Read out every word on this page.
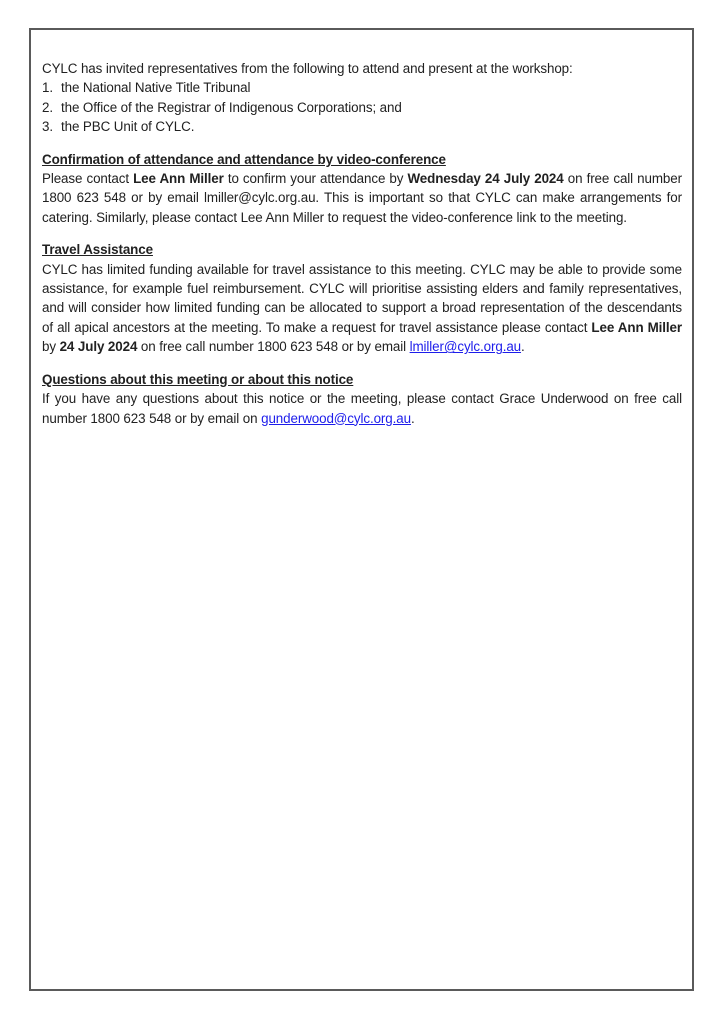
CYLC has invited representatives from the following to attend and present at the workshop:

1. the National Native Title Tribunal
2. the Office of the Registrar of Indigenous Corporations; and
3. the PBC Unit of CYLC.

Confirmation of attendance and attendance by video-conference

Please contact Lee Ann Miller to confirm your attendance by Wednesday 24 July 2024 on free call number 1800 623 548 or by email lmiller@cylc.org.au. This is important so that CYLC can make arrangements for catering. Similarly, please contact Lee Ann Miller to request the video-conference link to the meeting.

Travel Assistance

CYLC has limited funding available for travel assistance to this meeting. CYLC may be able to provide some assistance, for example fuel reimbursement. CYLC will prioritise assisting elders and family representatives, and will consider how limited funding can be allocated to support a broad representation of the descendants of all apical ancestors at the meeting. To make a request for travel assistance please contact Lee Ann Miller by 24 July 2024 on free call number 1800 623 548 or by email lmiller@cylc.org.au.

Questions about this meeting or about this notice

If you have any questions about this notice or the meeting, please contact Grace Underwood on free call number 1800 623 548 or by email on gunderwood@cylc.org.au.
